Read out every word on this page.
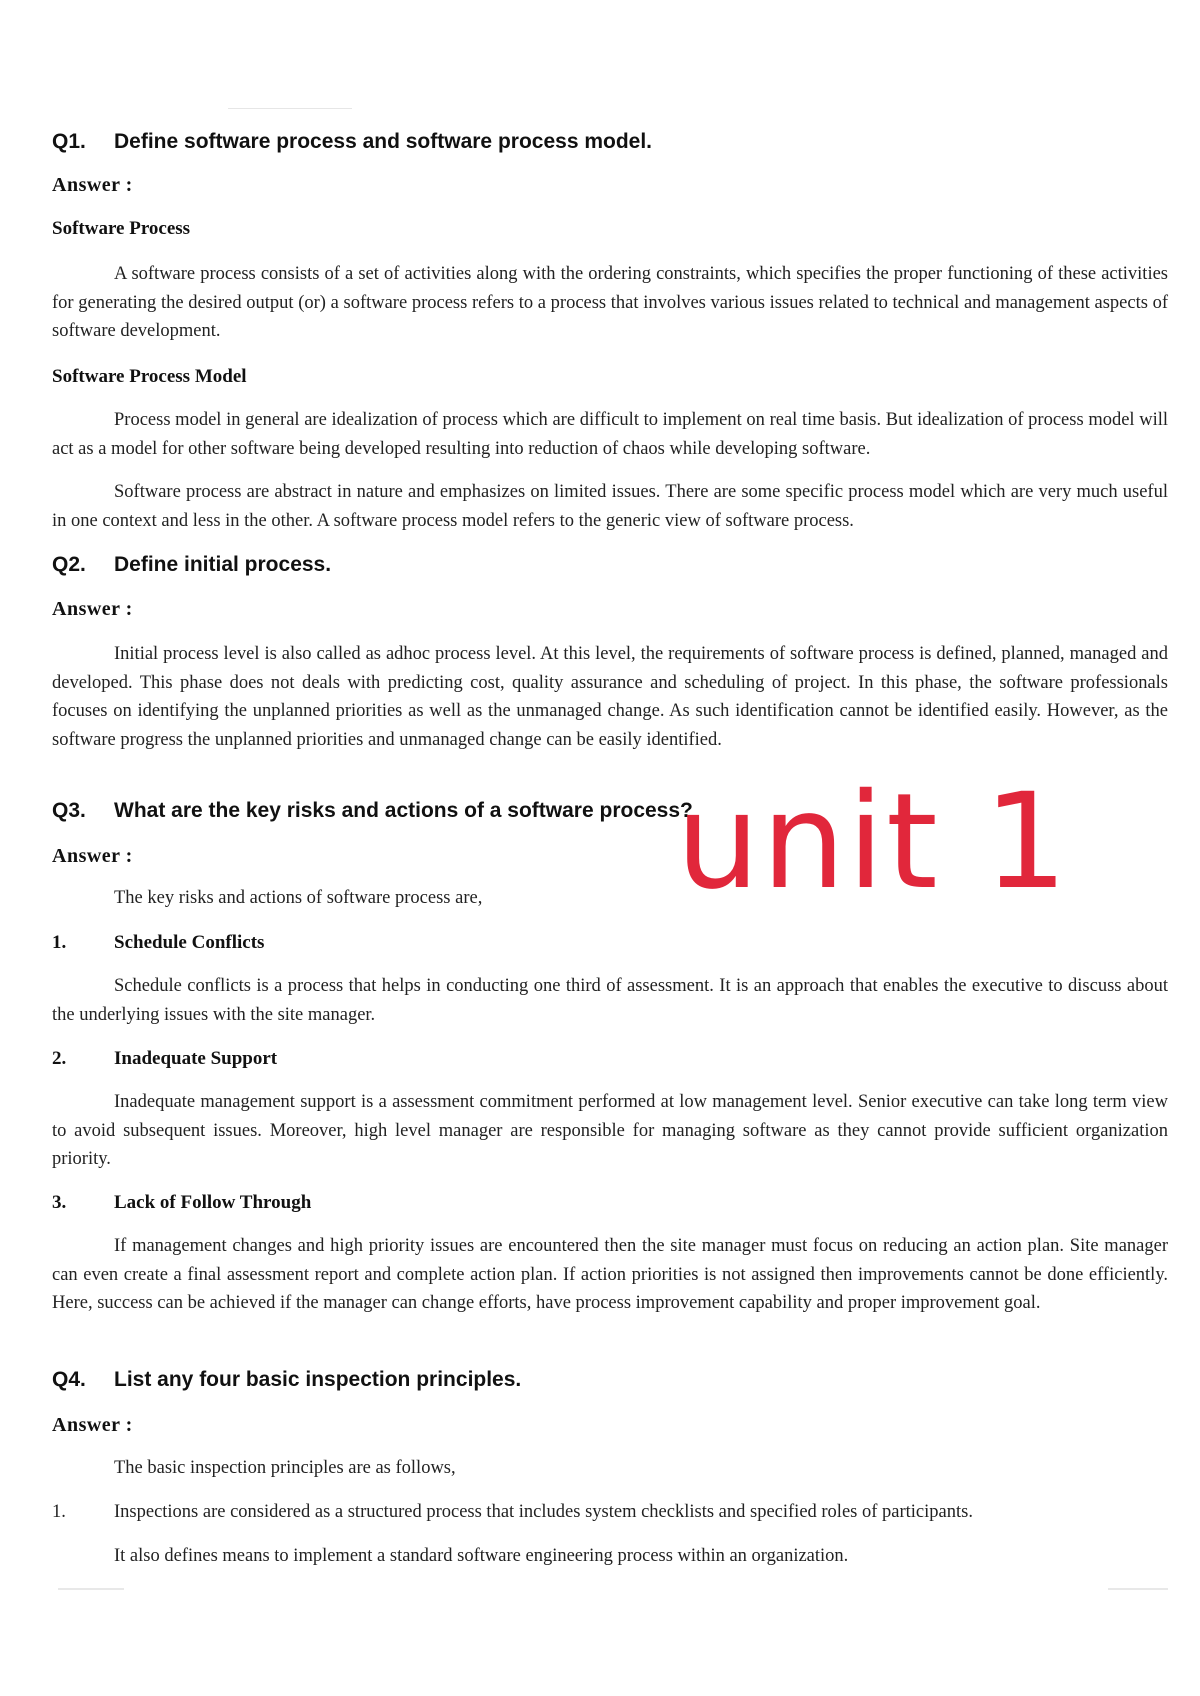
Q1. Define software process and software process model.
Answer :
Software Process

A software process consists of a set of activities along with the ordering constraints, which specifies the proper functioning of these activities for generating the desired output (or) a software process refers to a process that involves various issues related to technical and management aspects of software development.

Software Process Model

Process model in general are idealization of process which are difficult to implement on real time basis. But idealization of process model will act as a model for other software being developed resulting into reduction of chaos while developing software.

Software process are abstract in nature and emphasizes on limited issues. There are some specific process model which are very much useful in one context and less in the other. A software process model refers to the generic view of software process.

Q2. Define initial process.
Answer :

Initial process level is also called as adhoc process level. At this level, the requirements of software process is defined, planned, managed and developed. This phase does not deals with predicting cost, quality assurance and scheduling of project. In this phase, the software professionals focuses on identifying the unplanned priorities as well as the unmanaged change. As such identification cannot be identified easily. However, as the software progress the unplanned priorities and unmanaged change can be easily identified.

Q3. What are the key risks and actions of a software process?
Answer :
The key risks and actions of software process are,
1.	Schedule Conflicts

Schedule conflicts is a process that helps in conducting one third of assessment. It is an approach that enables the executive to discuss about the underlying issues with the site manager.

2.	Inadequate Support

Inadequate management support is a assessment commitment performed at low management level. Senior executive can take long term view to avoid subsequent issues. Moreover, high level manager are responsible for managing software as they cannot provide sufficient organization priority.

3.	Lack of Follow Through

If management changes and high priority issues are encountered then the site manager must focus on reducing an action plan. Site manager can even create a final assessment report and complete action plan. If action priorities is not assigned then improvements cannot be done efficiently. Here, success can be achieved if the manager can change efforts, have process improvement capability and proper improvement goal.

Q4. List any four basic inspection principles.
Answer :
The basic inspection principles are as follows,
1.	Inspections are considered as a structured process that includes system checklists and specified roles of participants.
It also defines means to implement a standard software engineering process within an organization.
unit 1
